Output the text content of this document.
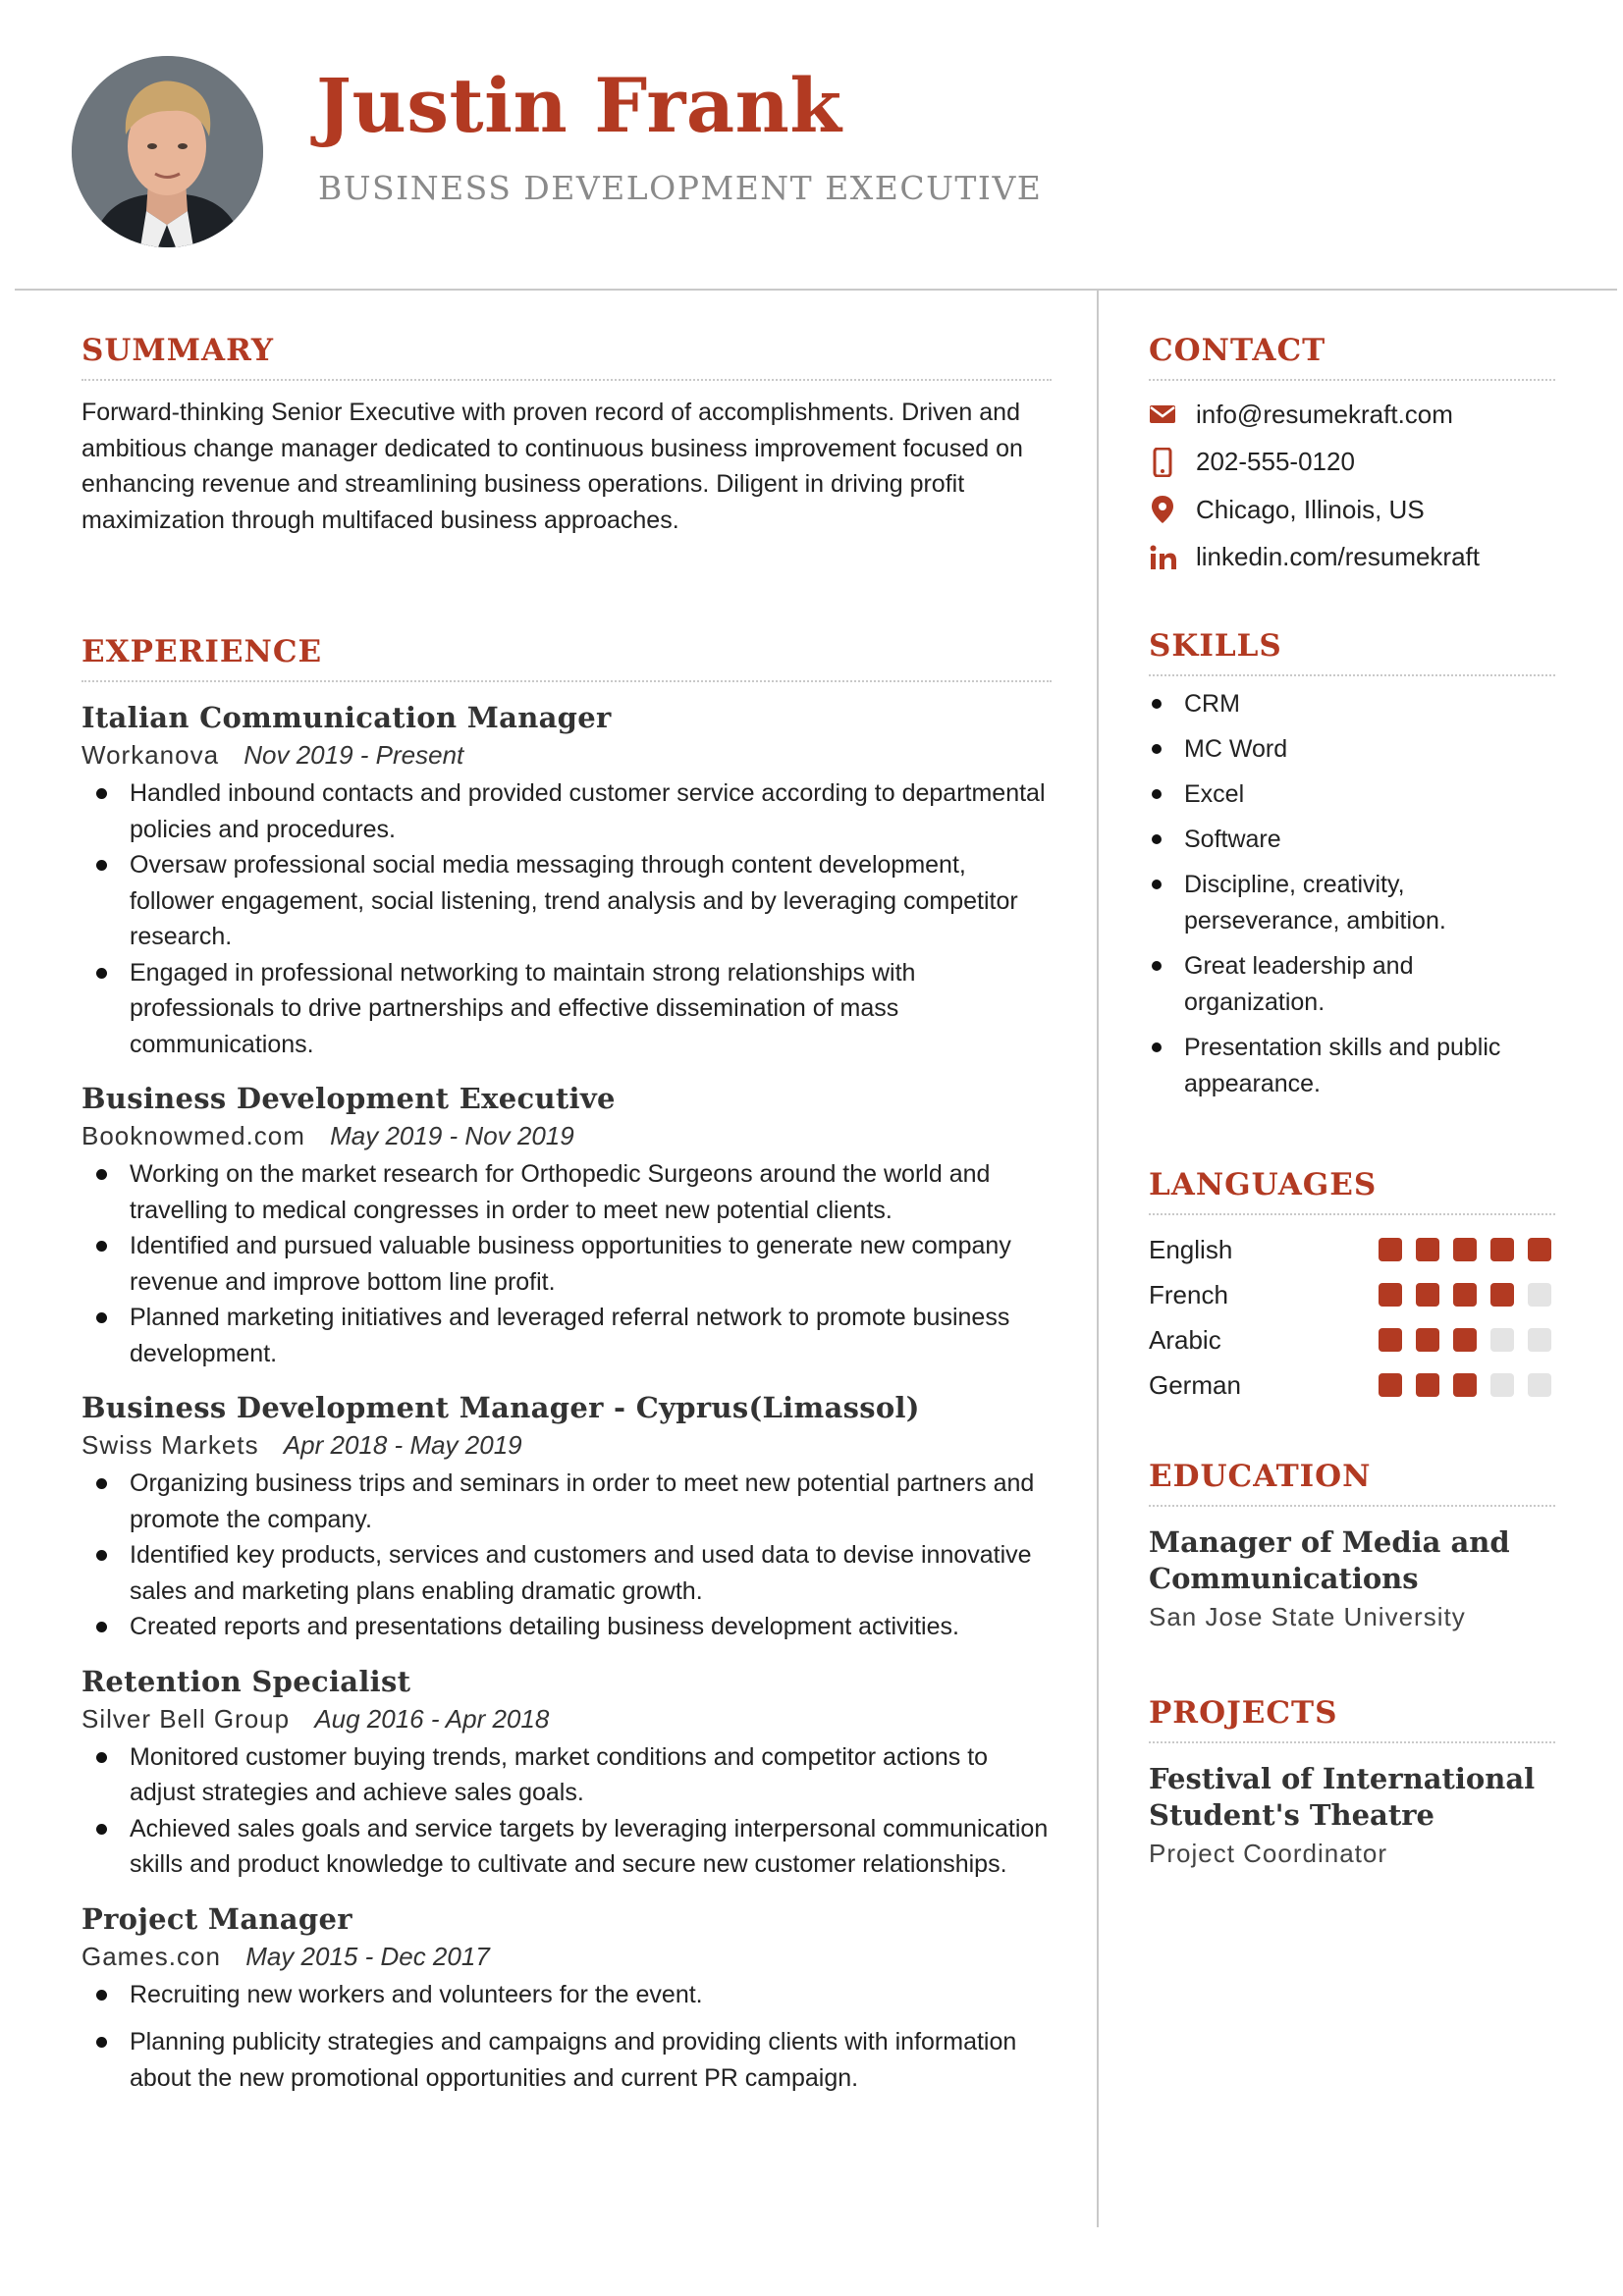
Justin Frank
BUSINESS DEVELOPMENT EXECUTIVE
SUMMARY
Forward-thinking Senior Executive with proven record of accomplishments. Driven and ambitious change manager dedicated to continuous business improvement focused on enhancing revenue and streamlining business operations. Diligent in driving profit maximization through multifaced business approaches.
EXPERIENCE
Italian Communication Manager
Workanova Nov 2019 - Present
Handled inbound contacts and provided customer service according to departmental policies and procedures.
Oversaw professional social media messaging through content development, follower engagement, social listening, trend analysis and by leveraging competitor research.
Engaged in professional networking to maintain strong relationships with professionals to drive partnerships and effective dissemination of mass communications.
Business Development Executive
Booknowmed.com May 2019 - Nov 2019
Working on the market research for Orthopedic Surgeons around the world and travelling to medical congresses in order to meet new potential clients.
Identified and pursued valuable business opportunities to generate new company revenue and improve bottom line profit.
Planned marketing initiatives and leveraged referral network to promote business development.
Business Development Manager - Cyprus(Limassol)
Swiss Markets Apr 2018 - May 2019
Organizing business trips and seminars in order to meet new potential partners and promote the company.
Identified key products, services and customers and used data to devise innovative sales and marketing plans enabling dramatic growth.
Created reports and presentations detailing business development activities.
Retention Specialist
Silver Bell Group Aug 2016 - Apr 2018
Monitored customer buying trends, market conditions and competitor actions to adjust strategies and achieve sales goals.
Achieved sales goals and service targets by leveraging interpersonal communication skills and product knowledge to cultivate and secure new customer relationships.
Project Manager
Games.con May 2015 - Dec 2017
Recruiting new workers and volunteers for the event.
Planning publicity strategies and campaigns and providing clients with information about the new promotional opportunities and current PR campaign.
CONTACT
info@resumekraft.com
202-555-0120
Chicago, Illinois, US
linkedin.com/resumekraft
SKILLS
CRM
MC Word
Excel
Software
Discipline, creativity, perseverance, ambition.
Great leadership and organization.
Presentation skills and public appearance.
LANGUAGES
English
French
Arabic
German
EDUCATION
Manager of Media and Communications
San Jose State University
PROJECTS
Festival of International Student's Theatre
Project Coordinator
